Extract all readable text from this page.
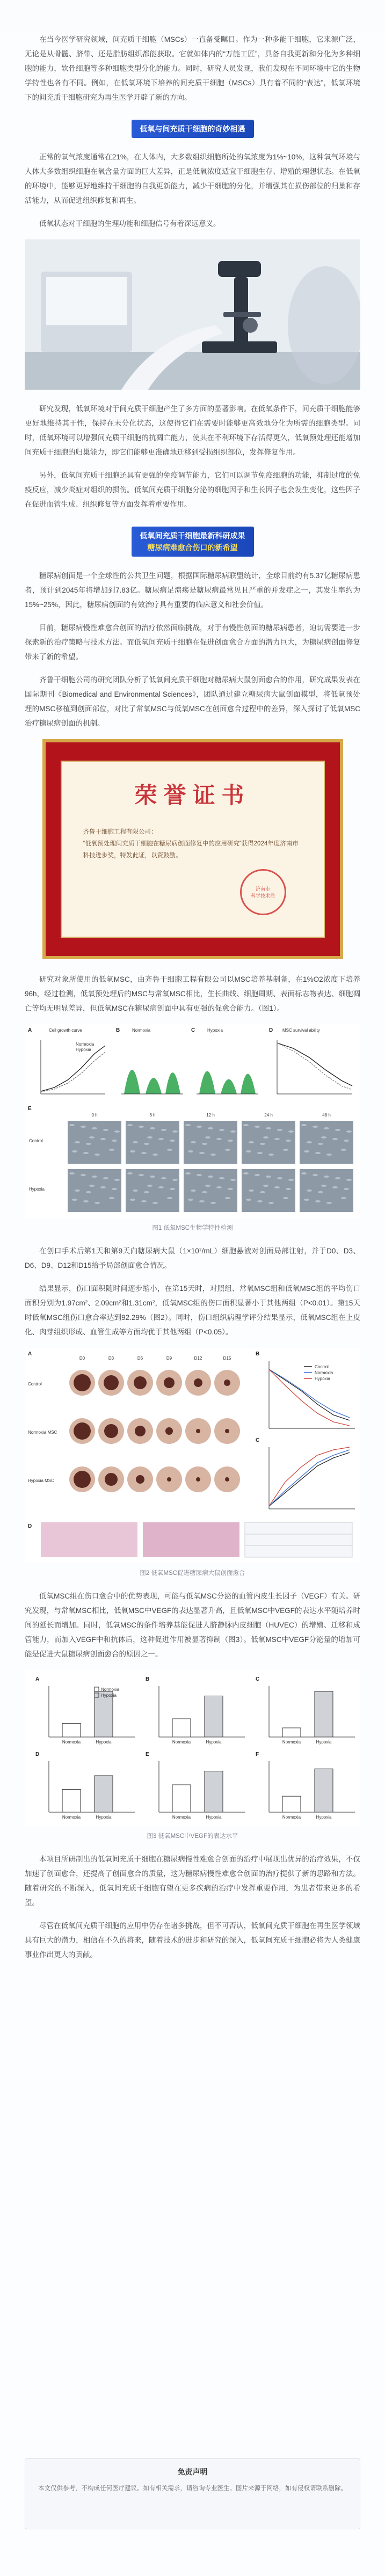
在当今医学研究领域，间充质干细胞（MSCs）一直备受瞩目。作为一种多能干细胞，它来源广泛，无论是从骨髓、脐带、还是脂肪组织都能获取。它就如体内的“万能工匠”，具备自我更新和分化为多种细胞的能力，软骨细胞等多种细胞类型分化的能力。同时，研究人员发现，我们发现在不同环境中它的生物学特性也各有不同。例如，在低氧环境下培养的间充质干细胞（MSCs）具有着不同的“表达”，低氧环境下的间充质干细胞研究为再生医学开辟了新的方向。

低氧与间充质干细胞的奇妙相遇

正常的氧气浓度通常在21%，在人体内，大多数组织细胞所处的氧浓度为1%~10%，这种氧气环境与人体大多数组织细胞在氧含量方面的巨大差异，正是低氧浓度适宜干细胞生存、增殖的理想状态。在低氧的环境中，能够更好地维持干细胞的自我更新能力，减少干细胞的分化，并增强其在损伤部位的归巢和存活能力，从而促进组织修复和再生。

低氧状态对干细胞的生理功能和细胞信号有着深远意义。

研究发现，低氧环境对于间充质干细胞产生了多方面的显著影响。在低氧条件下，间充质干细胞能够更好地维持其干性，保持在未分化状态，这使得它们在需要时能够更高效地分化为所需的细胞类型。同时，低氧环境可以增强间充质干细胞的抗凋亡能力，使其在不利环境下存活得更久，低氧预处理还能增加间充质干细胞的归巢能力，即它们能够更准确地迁移到受损组织部位，发挥修复作用。

另外，低氧间充质干细胞还具有更强的免疫调节能力，它们可以调节免疫细胞的功能，抑制过度的免疫反应，减少炎症对组织的损伤。低氧间充质干细胞分泌的细胞因子和生长因子也会发生变化，这些因子在促进血管生成、组织修复等方面发挥着重要作用。

低氧间充质干细胞最新科研成果
糖尿病难愈合伤口的新希望

糖尿病创面是一个全球性的公共卫生问题，根据国际糖尿病联盟统计，全球目前约有5.37亿糖尿病患者，预计到2045年将增加到7.83亿。糖尿病足溃疡是糖尿病最常见且严重的并发症之一，其发生率约为15%~25%，因此，糖尿病创面的有效治疗具有重要的临床意义和社会价值。

目前，糖尿病慢性难愈合创面的治疗依然面临挑战，对于有慢性创面的糖尿病患者，迫切需要进一步探索新的治疗策略与技术方法。而低氧间充质干细胞在促进创面愈合方面的潜力巨大，为糖尿病创面修复带来了新的希望。

齐鲁干细胞公司的研究团队分析了低氧间充质干细胞对糖尿病大鼠创面愈合的作用，研究成果发表在国际期刊《Biomedical and Environmental Sciences》，团队通过建立糖尿病大鼠创面模型，将低氧预处理的MSC移植到创面部位，对比了常氧MSC与低氧MSC在创面愈合过程中的差异，深入探讨了低氧MSC治疗糖尿病创面的机制。

荣誉证书
齐鲁干细胞工程有限公司：
“低氧预处理间充质干细胞在糖尿病创面修复中的应用研究”获得2024年度济南市科技进步奖，特发此证，以资鼓励。
济南市
科学技术局

研究对象所使用的低氧MSC，由齐鲁干细胞工程有限公司以MSC培养基制备，在1%O2浓度下培养96h，经过检测，低氧预处理后的MSC与常氧MSC相比，生长曲线、细胞周期、表面标志物表达、细胞凋亡等均无明显差异，但低氧MSC在糖尿病创面中具有更强的促愈合能力。（图1）。

A	Cell growth curve
Normoxia
Hypoxia
B	Normoxia	C	Hypoxia	D MSC survival ability
E
0 h	6 h	12 h	24 h	48 h
Control
Hypoxia
图1 低氧MSC生物学特性检测

在创口手术后第1天和第9天向糖尿病大鼠（1×10⁷/mL）细胞悬液对创面局部注射，并于D0、D3、D6、D9、D12和D15给予局部创面愈合情况。

结果显示，伤口面积随时间逐步缩小，在第15天时，对照组、常氧MSC组和低氧MSC组的平均伤口面积分别为1.97cm²、2.09cm²和1.31cm²，低氧MSC组的伤口面积显著小于其他两组（P<0.01）。第15天时低氧MSC组伤口愈合率达到92.29%（图2）。同时，伤口组织病理学评分结果显示，低氧MSC组在上皮化、肉芽组织形成、血管生成等方面均优于其他两组（P<0.05）。

A
Control
Normoxia MSC
Hypoxia MSC
D0	D3	D6	D9	D12	D15
B
C
Control
Normoxia
Hypoxia
D
图2 低氧MSC促进糖尿病大鼠创面愈合

低氧MSC组在伤口愈合中的优势表现，可能与低氧MSC分泌的血管内皮生长因子（VEGF）有关。研究发现，与常氧MSC相比，低氧MSC中VEGF的表达显著升高，且低氧MSC中VEGF的表达水平随培养时间的延长而增加。同时，低氧MSC的条件培养基能促进人脐静脉内皮细胞（HUVEC）的增殖、迁移和成管能力，而加入VEGF中和抗体后，这种促进作用被显著抑制（图3）。低氧MSC中VEGF分泌量的增加可能是促进大鼠糖尿病创面愈合的原因之一。

A
Normoxia	Hypoxia
Normoxia
Hypoxia
B
Normoxia	Hypoxia
C
Normoxia	Hypoxia
D
Normoxia	Hypoxia
E
Normoxia	Hypoxia
F
Normoxia	Hypoxia
图3 低氧MSC中VEGF的表达水平

本项目所研制出的低氧间充质干细胞在糖尿病慢性难愈合创面的治疗中展现出优异的治疗效果，不仅加速了创面愈合，还提高了创面愈合的质量，这为糖尿病慢性难愈合创面的治疗提供了新的思路和方法。随着研究的不断深入，低氧间充质干细胞有望在更多疾病的治疗中发挥重要作用，为患者带来更多的希望。

尽管在低氧间充质干细胞的应用中仍存在诸多挑战，但不可否认，低氧间充质干细胞在再生医学领域具有巨大的潜力，相信在不久的将来，随着技术的进步和研究的深入，低氧间充质干细胞必将为人类健康事业作出更大的贡献。

免责声明
本文仅供参考，不构成任何医疗建议。如有相关需求，请咨询专业医生。图片来源于网络，如有侵权请联系删除。
